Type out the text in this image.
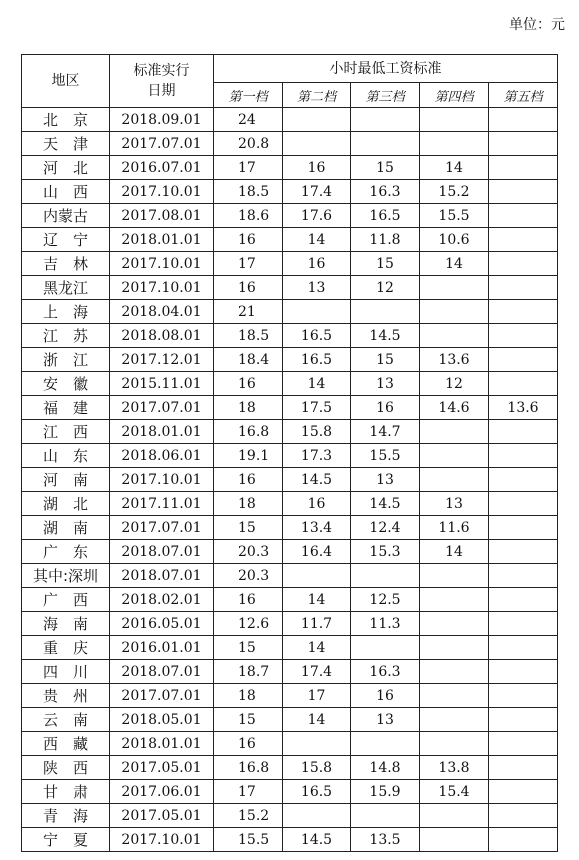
单位：元
地区	标准实行日期	小时最低工资标准				
		第一档	第二档	第三档	第四档	第五档
北　京	2018.09.01	24				
天　津	2017.07.01	20.8				
河　北	2016.07.01	17	16	15	14	
山　西	2017.10.01	18.5	17.4	16.3	15.2	
内蒙古	2017.08.01	18.6	17.6	16.5	15.5	
辽　宁	2018.01.01	16	14	11.8	10.6	
吉　林	2017.10.01	17	16	15	14	
黑龙江	2017.10.01	16	13	12		
上　海	2018.04.01	21				
江　苏	2018.08.01	18.5	16.5	14.5		
浙　江	2017.12.01	18.4	16.5	15	13.6	
安　徽	2015.11.01	16	14	13	12	
福　建	2017.07.01	18	17.5	16	14.6	13.6
江　西	2018.01.01	16.8	15.8	14.7		
山　东	2018.06.01	19.1	17.3	15.5		
河　南	2017.10.01	16	14.5	13		
湖　北	2017.11.01	18	16	14.5	13	
湖　南	2017.07.01	15	13.4	12.4	11.6	
广　东	2018.07.01	20.3	16.4	15.3	14	
其中:深圳	2018.07.01	20.3				
广　西	2018.02.01	16	14	12.5		
海　南	2016.05.01	12.6	11.7	11.3		
重　庆	2016.01.01	15	14			
四　川	2018.07.01	18.7	17.4	16.3		
贵　州	2017.07.01	18	17	16		
云　南	2018.05.01	15	14	13		
西　藏	2018.01.01	16				
陕　西	2017.05.01	16.8	15.8	14.8	13.8	
甘　肃	2017.06.01	17	16.5	15.9	15.4	
青　海	2017.05.01	15.2				
宁　夏	2017.10.01	15.5	14.5	13.5		
